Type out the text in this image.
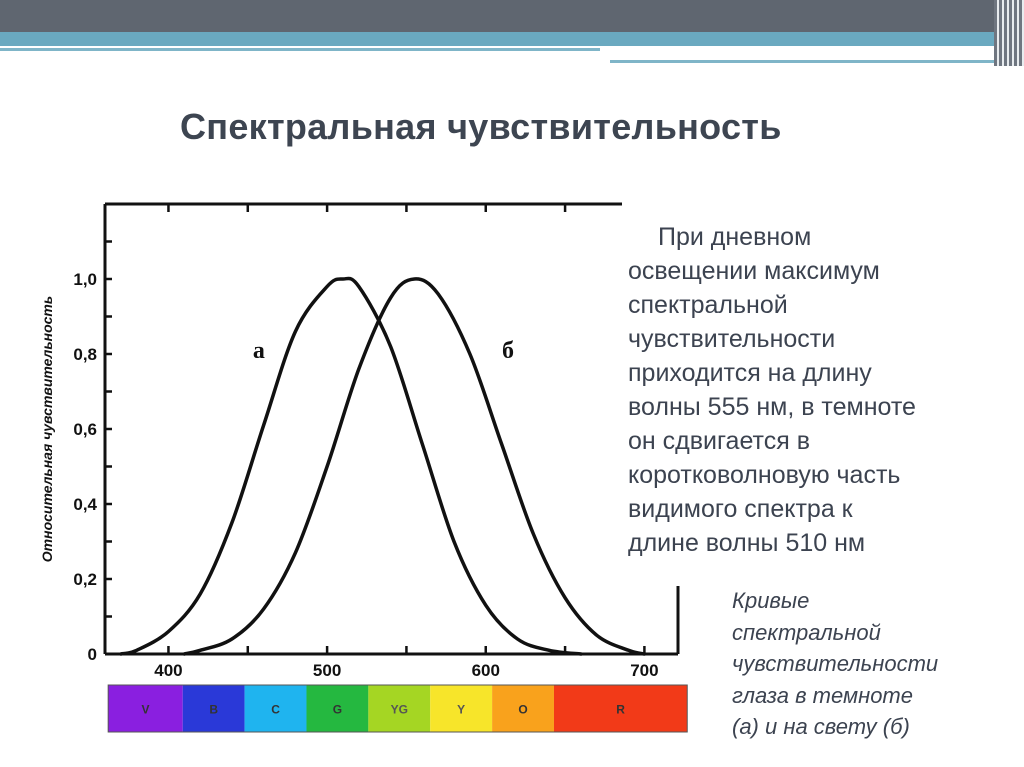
Спектральная чувствительность
400	500	600	700
0
0,2
0,4
0,6
0,8
1,0
Относительная чувствительность	а	б
V	B	C	G	YG	Y	O	R
При дневном
освещении максимум
спектральной
чувствительности
приходится на длину
волны 555 нм, в темноте
он сдвигается в
коротковолновую часть
видимого спектра к
длине волны 510 нм
Кривые
спектральной
чувствительности
глаза в темноте
(а) и на свету (б)
